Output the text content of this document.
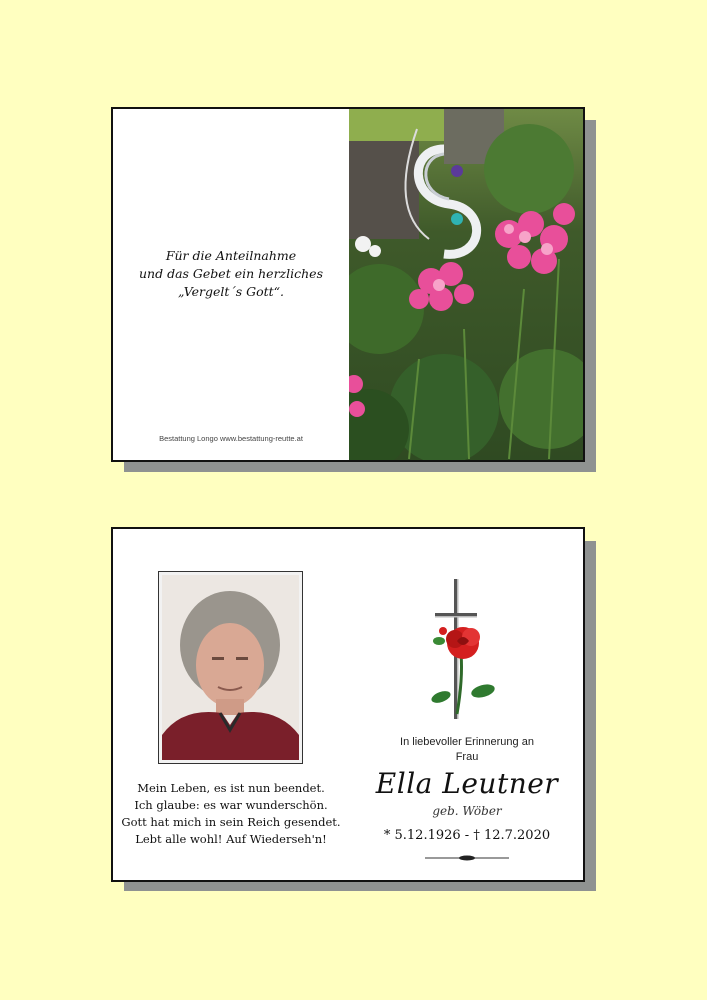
Für die Anteilnahme
und das Gebet ein herzliches
„Vergelt´s Gott“.
Bestattung Longo www.bestattung-reutte.at
Mein Leben, es ist nun beendet.
Ich glaube: es war wunderschön.
Gott hat mich in sein Reich gesendet.
Lebt alle wohl! Auf Wiederseh'n!
In liebevoller Erinnerung an
Frau
Ella Leutner
geb. Wöber
* 5.12.1926 - † 12.7.2020
